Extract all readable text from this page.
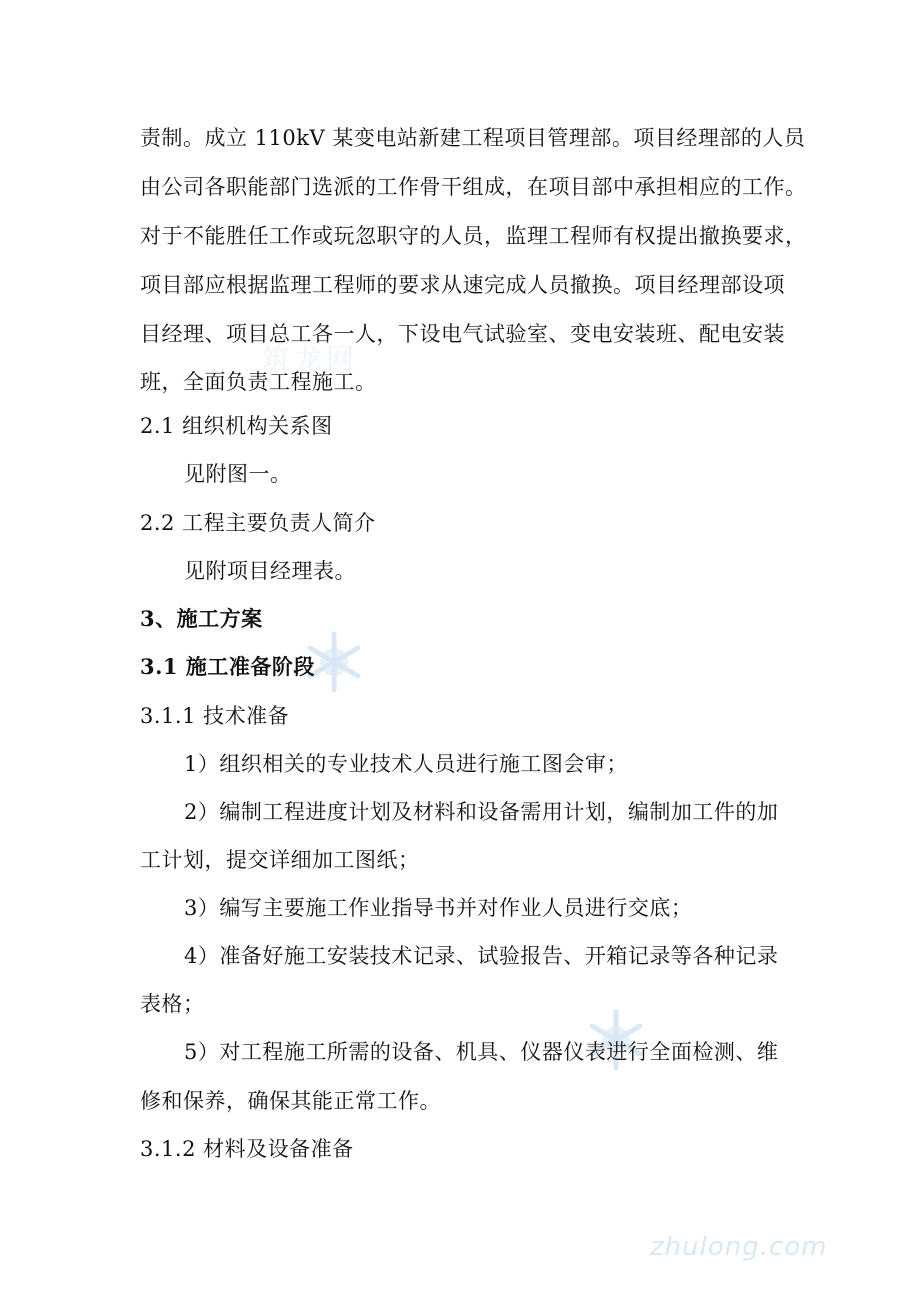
筑龙网
zhulong.com
责制。成立 110kV 某变电站新建工程项目管理部。项目经理部的人员
由公司各职能部门选派的工作骨干组成，在项目部中承担相应的工作。
对于不能胜任工作或玩忽职守的人员，监理工程师有权提出撤换要求，
项目部应根据监理工程师的要求从速完成人员撤换。项目经理部设项
目经理、项目总工各一人，下设电气试验室、变电安装班、配电安装
班，全面负责工程施工。
2.1 组织机构关系图
见附图一。
2.2 工程主要负责人简介
见附项目经理表。
3、施工方案
3.1 施工准备阶段
3.1.1 技术准备
1）组织相关的专业技术人员进行施工图会审；
2）编制工程进度计划及材料和设备需用计划，编制加工件的加
工计划，提交详细加工图纸；
3）编写主要施工作业指导书并对作业人员进行交底；
4）准备好施工安装技术记录、试验报告、开箱记录等各种记录
表格；
5）对工程施工所需的设备、机具、仪器仪表进行全面检测、维
修和保养，确保其能正常工作。
3.1.2 材料及设备准备
